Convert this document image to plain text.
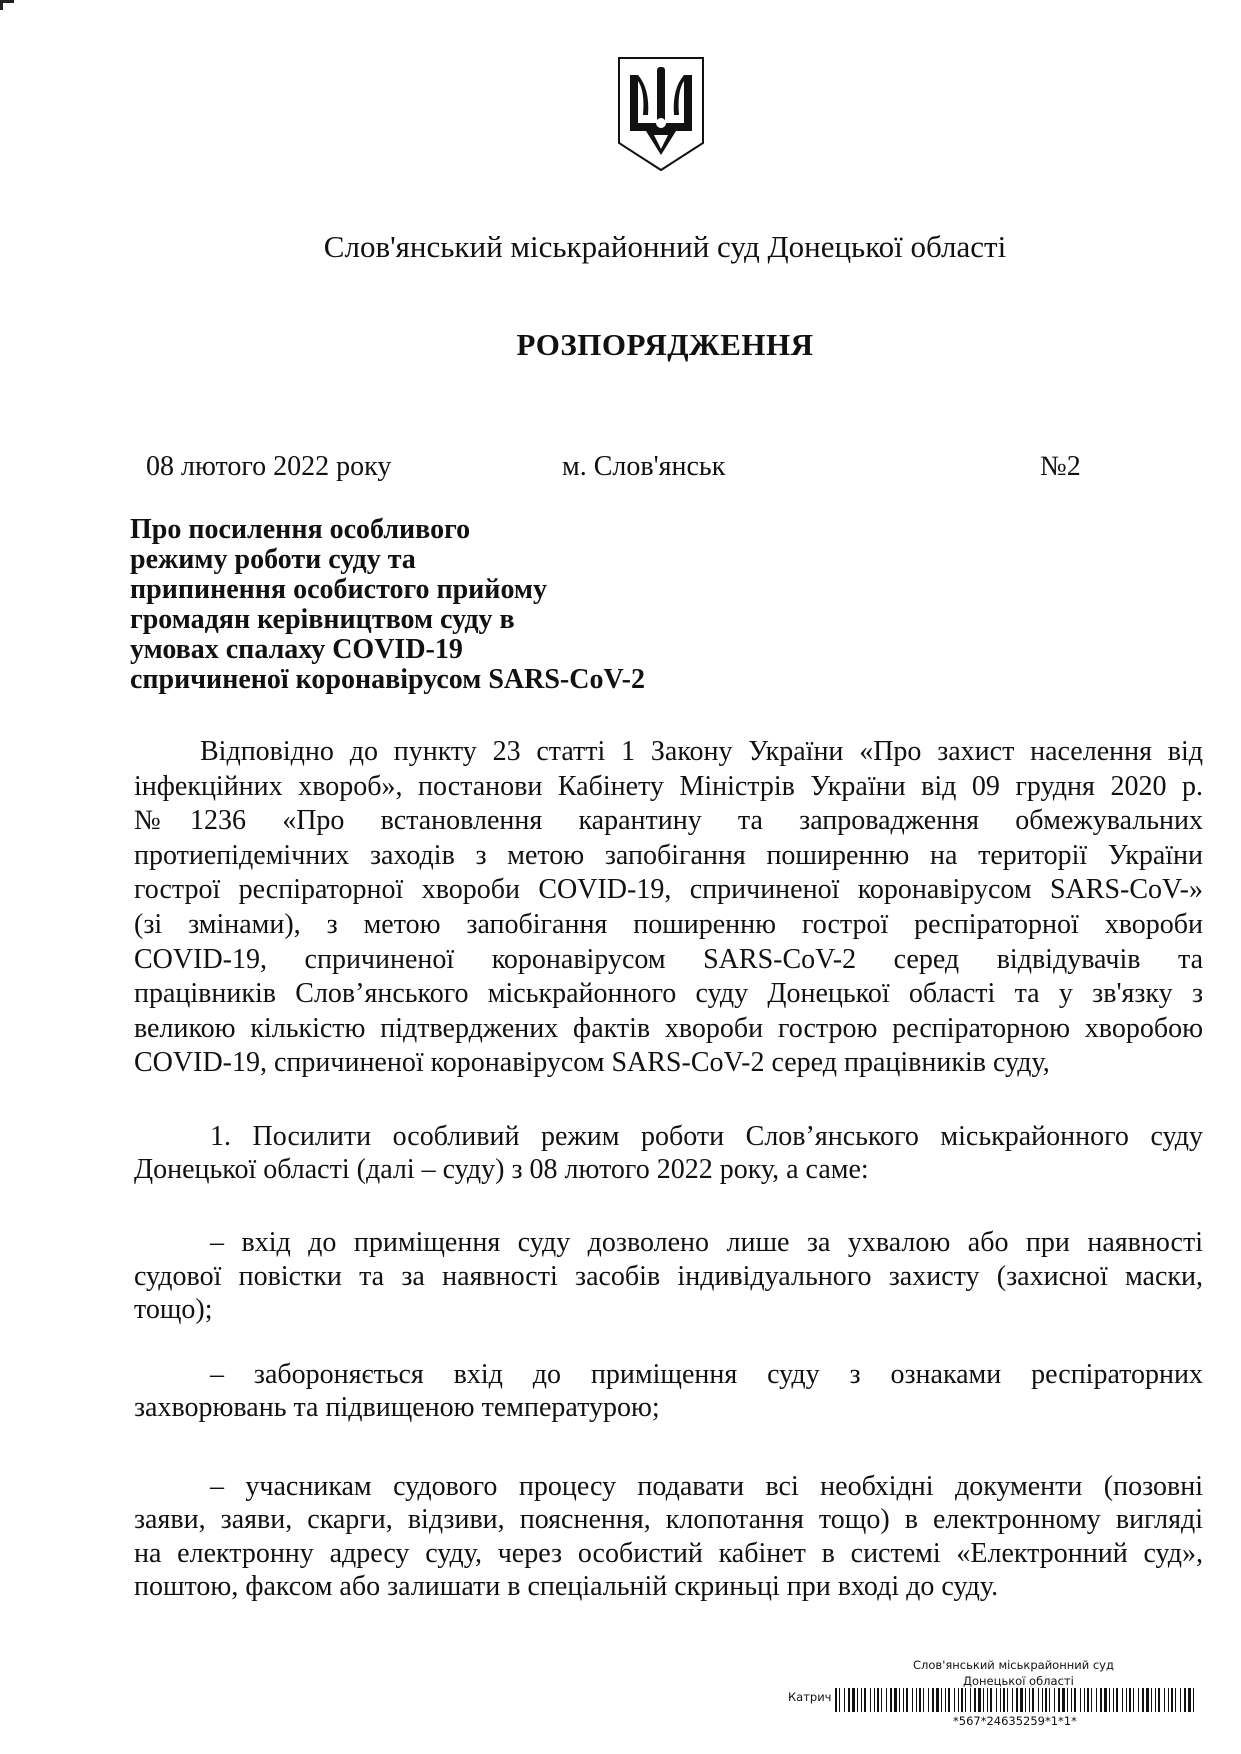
Слов'янський міськрайонний суд Донецької області
РОЗПОРЯДЖЕННЯ
08 лютого 2022 року	м. Слов'янськ	№2
Про посилення особливого
режиму роботи суду та
припинення особистого прийому
громадян керівництвом суду в
умовах спалаху COVID-19
спричиненої коронавірусом SARS-CoV-2
Відповідно до пункту 23 статті 1 Закону України «Про захист населення від
інфекційних хвороб», постанови Кабінету Міністрів України від 09 грудня 2020 р.
№1236 «Про встановлення карантину та запровадження обмежувальних
протиепідемічних заходів з метою запобігання поширенню на території України
гострої респіраторної хвороби COVID-19, спричиненої коронавірусом SARS-CoV-»
(зі змінами), з метою запобігання поширенню гострої респіраторної хвороби
COVID-19, спричиненої коронавірусом SARS-CoV-2 серед відвідувачів та
працівників Слов’янського міськрайонного суду Донецької області та у зв'язку з
великою кількістю підтверджених фактів хвороби гострою респіраторною хворобою
COVID-19, спричиненої коронавірусом SARS-CoV-2 серед працівників суду,
1. Посилити особливий режим роботи Слов’янського міськрайонного суду
Донецької області (далі – суду) з 08 лютого 2022 року, а саме:
– вхід до приміщення суду дозволено лише за ухвалою або при наявності
судової повістки та за наявності засобів індивідуального захисту (захисної маски,
тощо);
– забороняється вхід до приміщення суду з ознаками респіраторних
захворювань та підвищеною температурою;
– учасникам судового процесу подавати всі необхідні документи (позовні
заяви, заяви, скарги, відзиви, пояснення, клопотання тощо) в електронному вигляді
на електронну адресу суду, через особистий кабінет в системі «Електронний суд»,
поштою, факсом або залишати в спеціальній скриньці при вході до суду.
Слов'янський міськрайонний суд
Донецької області
Катрич
*567*24635259*1*1*
